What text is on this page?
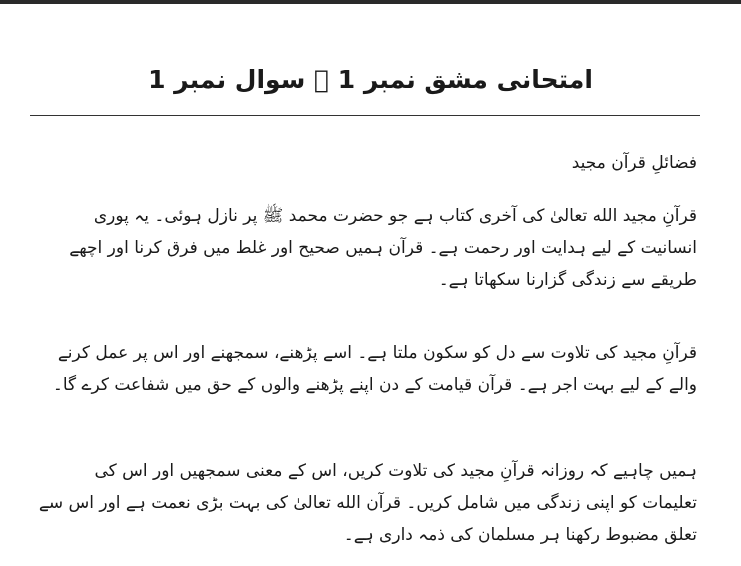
امتحانی مشق نمبر 1 ⃞ سوال نمبر 1
فضائلِ قرآن مجید
قرآنِ مجید الله تعالیٰ کی آخری کتاب ہے جو حضرت محمد ﷺ پر نازل ہوئی۔ یہ پوری انسانیت کے لیے ہدایت اور رحمت ہے۔ قرآن ہمیں صحیح اور غلط میں فرق کرنا اور اچھے طریقے سے زندگی گزارنا سکھاتا ہے۔
قرآنِ مجید کی تلاوت سے دل کو سکون ملتا ہے۔ اسے پڑھنے، سمجھنے اور اس پر عمل کرنے والے کے لیے بہت اجر ہے۔ قرآن قیامت کے دن اپنے پڑھنے والوں کے حق میں شفاعت کرے گا۔
ہمیں چاہیے کہ روزانہ قرآنِ مجید کی تلاوت کریں، اس کے معنی سمجھیں اور اس کی تعلیمات کو اپنی زندگی میں شامل کریں۔ قرآن الله تعالیٰ کی بہت بڑی نعمت ہے اور اس سے تعلق مضبوط رکھنا ہر مسلمان کی ذمہ داری ہے۔
